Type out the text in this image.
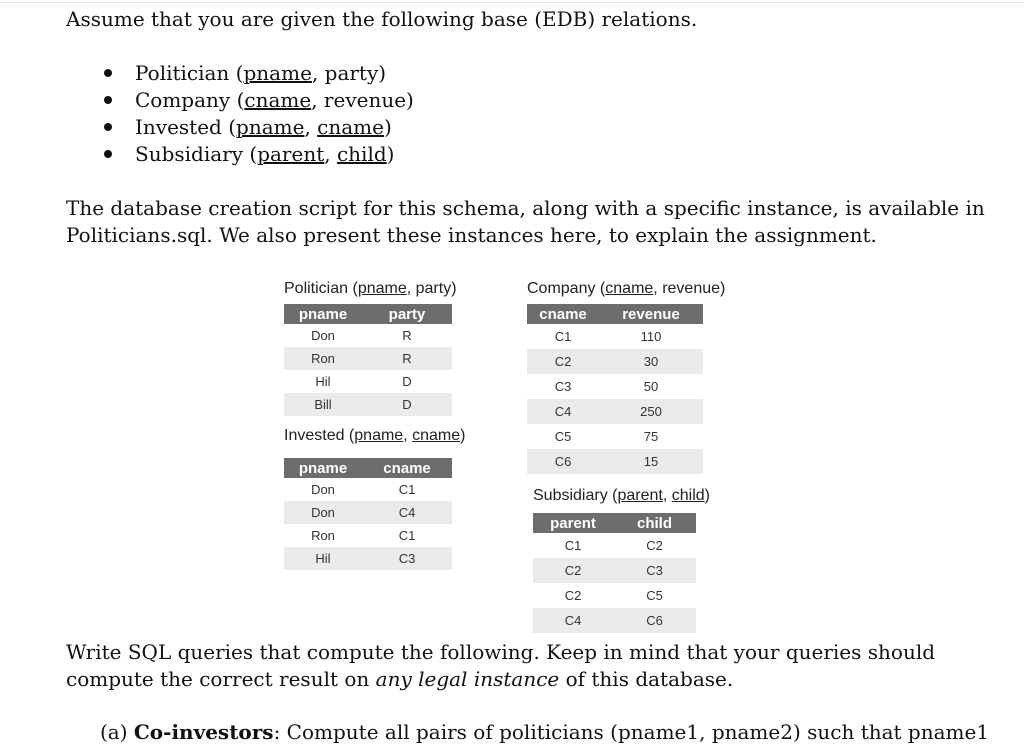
Assume that you are given the following base (EDB) relations.
Politician (pname, party)
Company (cname, revenue)
Invested (pname, cname)
Subsidiary (parent, child)
The database creation script for this schema, along with a specific instance, is available in
Politicians.sql. We also present these instances here, to explain the assignment.
Politician (pname, party)
pname	party
Don	R
Ron	R
Hil	D
Bill	D
Invested (pname, cname)
pname	cname
Don	C1
Don	C4
Ron	C1
Hil	C3
Company (cname, revenue)
cname	revenue
C1	110
C2	30
C3	50
C4	250
C5	75
C6	15
Subsidiary (parent, child)
parent	child
C1	C2
C2	C3
C2	C5
C4	C6
Write SQL queries that compute the following. Keep in mind that your queries should
compute the correct result on any legal instance of this database.
(a) Co-investors: Compute all pairs of politicians (pname1, pname2) such that pname1
